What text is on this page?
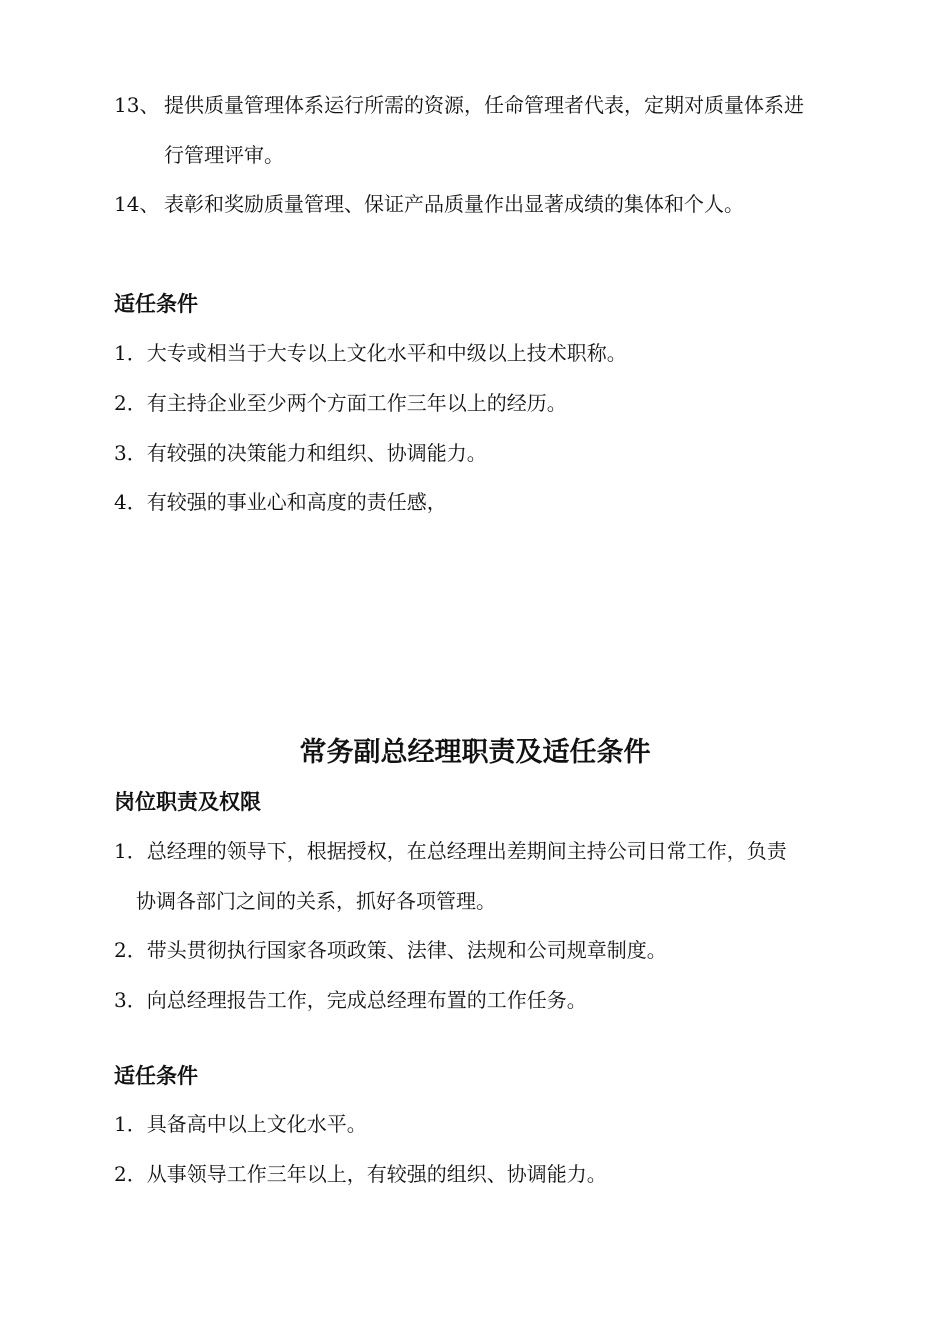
13、 提供质量管理体系运行所需的资源，任命管理者代表，定期对质量体系进
行管理评审。
14、 表彰和奖励质量管理、保证产品质量作出显著成绩的集体和个人。
适任条件
1．大专或相当于大专以上文化水平和中级以上技术职称。
2．有主持企业至少两个方面工作三年以上的经历。
3．有较强的决策能力和组织、协调能力。
4．有较强的事业心和高度的责任感，
常务副总经理职责及适任条件
岗位职责及权限
1．总经理的领导下，根据授权，在总经理出差期间主持公司日常工作，负责
协调各部门之间的关系，抓好各项管理。
2．带头贯彻执行国家各项政策、法律、法规和公司规章制度。
3．向总经理报告工作，完成总经理布置的工作任务。
适任条件
1．具备高中以上文化水平。
2．从事领导工作三年以上，有较强的组织、协调能力。
